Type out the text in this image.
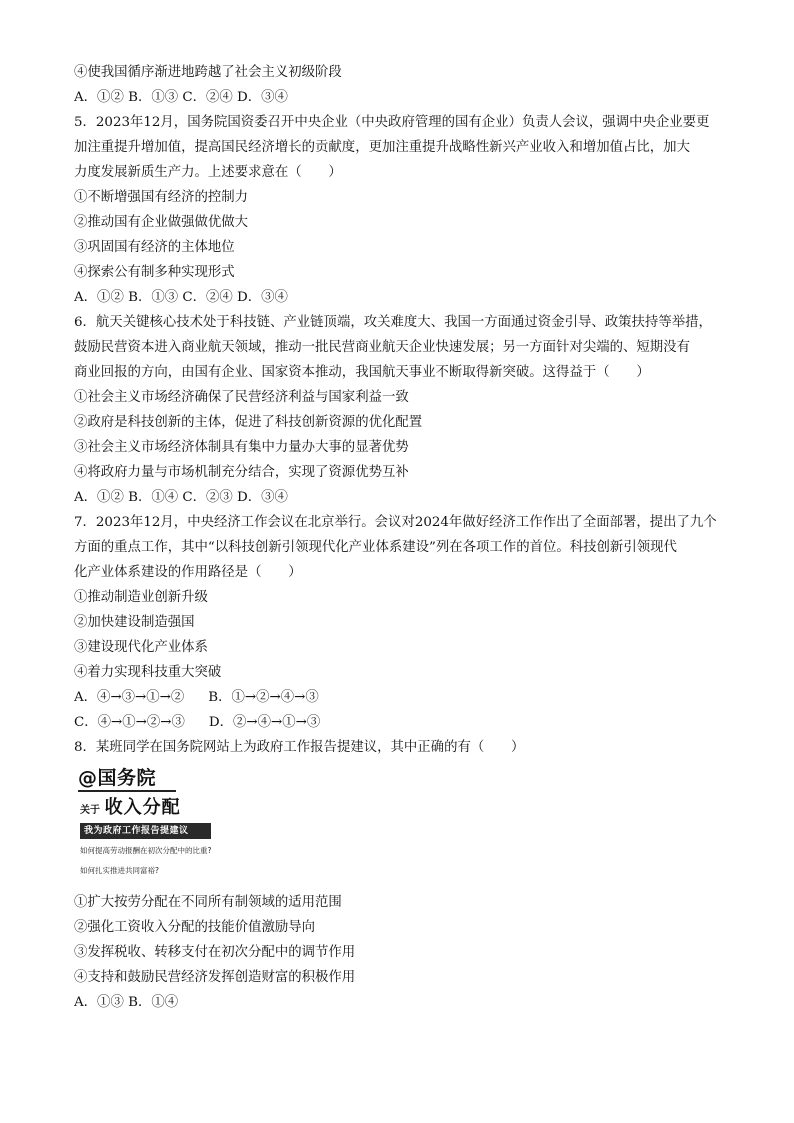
④使我国循序渐进地跨越了社会主义初级阶段
A．①② B．①③ C．②④ D．③④
5．2023年12月，国务院国资委召开中央企业（中央政府管理的国有企业）负责人会议，强调中央企业要更
加注重提升增加值，提高国民经济增长的贡献度，更加注重提升战略性新兴产业收入和增加值占比，加大
力度发展新质生产力。上述要求意在（　　）
①不断增强国有经济的控制力
②推动国有企业做强做优做大
③巩固国有经济的主体地位
④探索公有制多种实现形式
A．①② B．①③ C．②④ D．③④
6．航天关键核心技术处于科技链、产业链顶端，攻关难度大、我国一方面通过资金引导、政策扶持等举措，
鼓励民营资本进入商业航天领域，推动一批民营商业航天企业快速发展；另一方面针对尖端的、短期没有
商业回报的方向，由国有企业、国家资本推动，我国航天事业不断取得新突破。这得益于（　　）
①社会主义市场经济确保了民营经济利益与国家利益一致
②政府是科技创新的主体，促进了科技创新资源的优化配置
③社会主义市场经济体制具有集中力量办大事的显著优势
④将政府力量与市场机制充分结合，实现了资源优势互补
A．①② B．①④ C．②③ D．③④
7．2023年12月，中央经济工作会议在北京举行。会议对2024年做好经济工作作出了全面部署，提出了九个
方面的重点工作，其中“以科技创新引领现代化产业体系建设”列在各项工作的首位。科技创新引领现代
化产业体系建设的作用路径是（　　）
①推动制造业创新升级
②加快建设制造强国
③建设现代化产业体系
④着力实现科技重大突破
A．④→③→①→② B．①→②→④→③
C．④→①→②→③ D．②→④→①→③
8．某班同学在国务院网站上为政府工作报告提建议，其中正确的有（　　）
@国务院
关于 收入分配
我为政府工作报告提建议
如何提高劳动报酬在初次分配中的比重?
如何扎实推进共同富裕?
①扩大按劳分配在不同所有制领域的适用范围
②强化工资收入分配的技能价值激励导向
③发挥税收、转移支付在初次分配中的调节作用
④支持和鼓励民营经济发挥创造财富的积极作用
A．①③ B．①④
